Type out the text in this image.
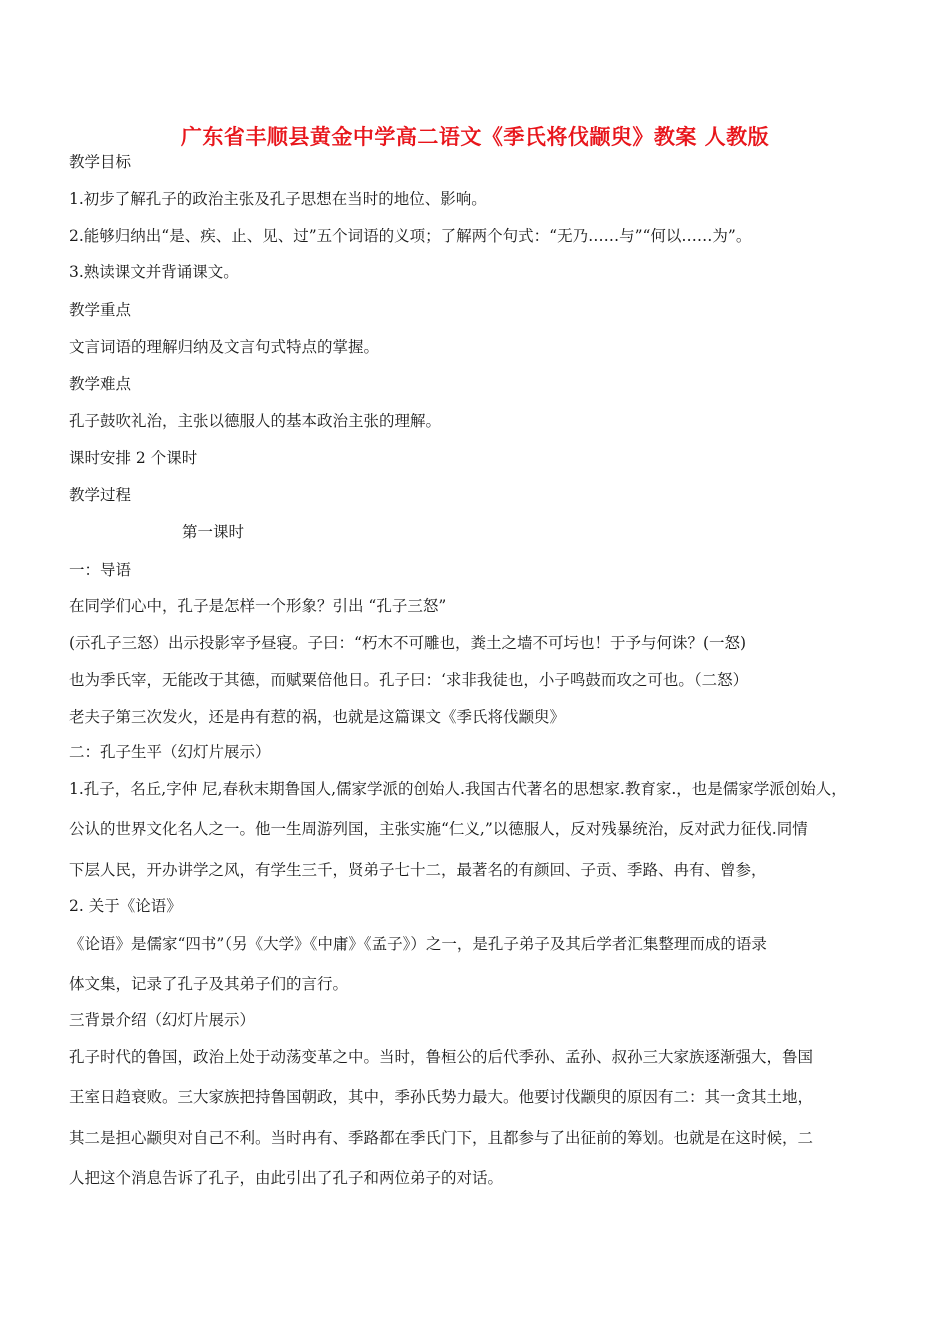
广东省丰顺县黄金中学高二语文《季氏将伐颛臾》教案 人教版
教学目标
1.初步了解孔子的政治主张及孔子思想在当时的地位、影响。
2.能够归纳出“是、疾、止、见、过”五个词语的义项；了解两个句式：“无乃……与”“何以……为”。
3.熟读课文并背诵课文。
教学重点
文言词语的理解归纳及文言句式特点的掌握。
教学难点
孔子鼓吹礼治，主张以德服人的基本政治主张的理解。
课时安排 2 个课时
教学过程
第一课时
一：导语
在同学们心中，孔子是怎样一个形象？引出 “孔子三怒”
(示孔子三怒）出示投影宰予昼寝。子曰：“朽木不可雕也，粪土之墙不可圬也！于予与何诛？(一怒)
也为季氏宰，无能改于其德，而赋粟倍他日。孔子曰：‘求非我徒也，小子鸣鼓而攻之可也。（二怒）
老夫子第三次发火，还是冉有惹的祸，也就是这篇课文《季氏将伐颛臾》
二：孔子生平（幻灯片展示）
1.孔子，名丘,字仲 尼,春秋末期鲁国人,儒家学派的创始人.我国古代著名的思想家.教育家.，也是儒家学派创始人，
公认的世界文化名人之一。他一生周游列国，主张实施“仁义,”以德服人，反对残暴统治，反对武力征伐.同情
下层人民，开办讲学之风，有学生三千，贤弟子七十二，最著名的有颜回、子贡、季路、冉有、曾参，
2. 关于《论语》
《论语》是儒家“四书”（另《大学》《中庸》《孟子》）之一，是孔子弟子及其后学者汇集整理而成的语录
体文集，记录了孔子及其弟子们的言行。
三背景介绍（幻灯片展示）
孔子时代的鲁国，政治上处于动荡变革之中。当时，鲁桓公的后代季孙、孟孙、叔孙三大家族逐渐强大，鲁国
王室日趋衰败。三大家族把持鲁国朝政，其中，季孙氏势力最大。他要讨伐颛臾的原因有二：其一贪其土地，
其二是担心颛臾对自己不利。当时冉有、季路都在季氏门下，且都参与了出征前的筹划。也就是在这时候，二
人把这个消息告诉了孔子，由此引出了孔子和两位弟子的对话。
